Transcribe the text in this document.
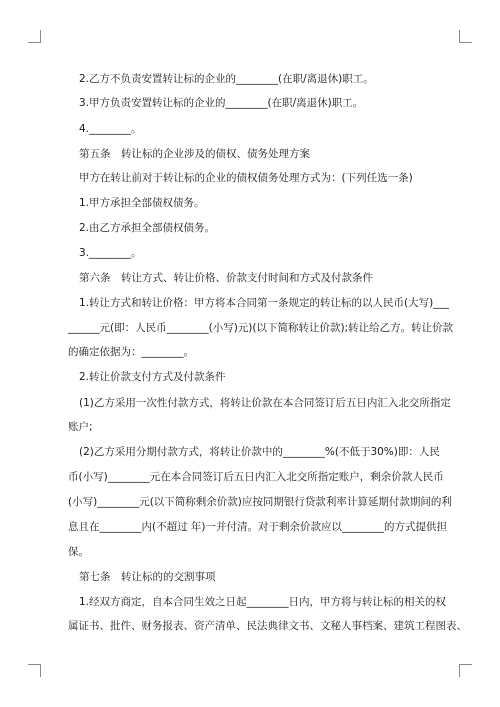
2.乙方不负责安置转让标的企业的________(在职/离退休)职工。
3.甲方负责安置转让标的企业的________(在职/离退休)职工。
4.________。
第五条　转让标的企业涉及的债权、债务处理方案
甲方在转让前对于转让标的企业的债权债务处理方式为：(下列任选一条)
1.甲方承担全部债权债务。
2.由乙方承担全部债权债务。
3.________。
第六条　转让方式、转让价格、价款支付时间和方式及付款条件
1.转让方式和转让价格：甲方将本合同第一条规定的转让标的以人民币(大写)___
______元(即：人民币________(小写)元)(以下简称转让价款);转让给乙方。转让价款
的确定依据为：________。
2.转让价款支付方式及付款条件
(1)乙方采用一次性付款方式，将转让价款在本合同签订后五日内汇入北交所指定
账户;
(2)乙方采用分期付款方式，将转让价款中的________%(不低于30%)即：人民
币(小写)________元在本合同签订后五日内汇入北交所指定账户，剩余价款人民币
(小写)________元(以下简称剩余价款)应按同期银行贷款利率计算延期付款期间的利
息且在________内(不超过 年)一并付清。对于剩余价款应以________的方式提供担
保。
第七条　转让标的的交割事项
1.经双方商定，自本合同生效之日起________日内，甲方将与转让标的相关的权
属证书、批件、财务报表、资产清单、民法典律文书、文秘人事档案、建筑工程图表、
